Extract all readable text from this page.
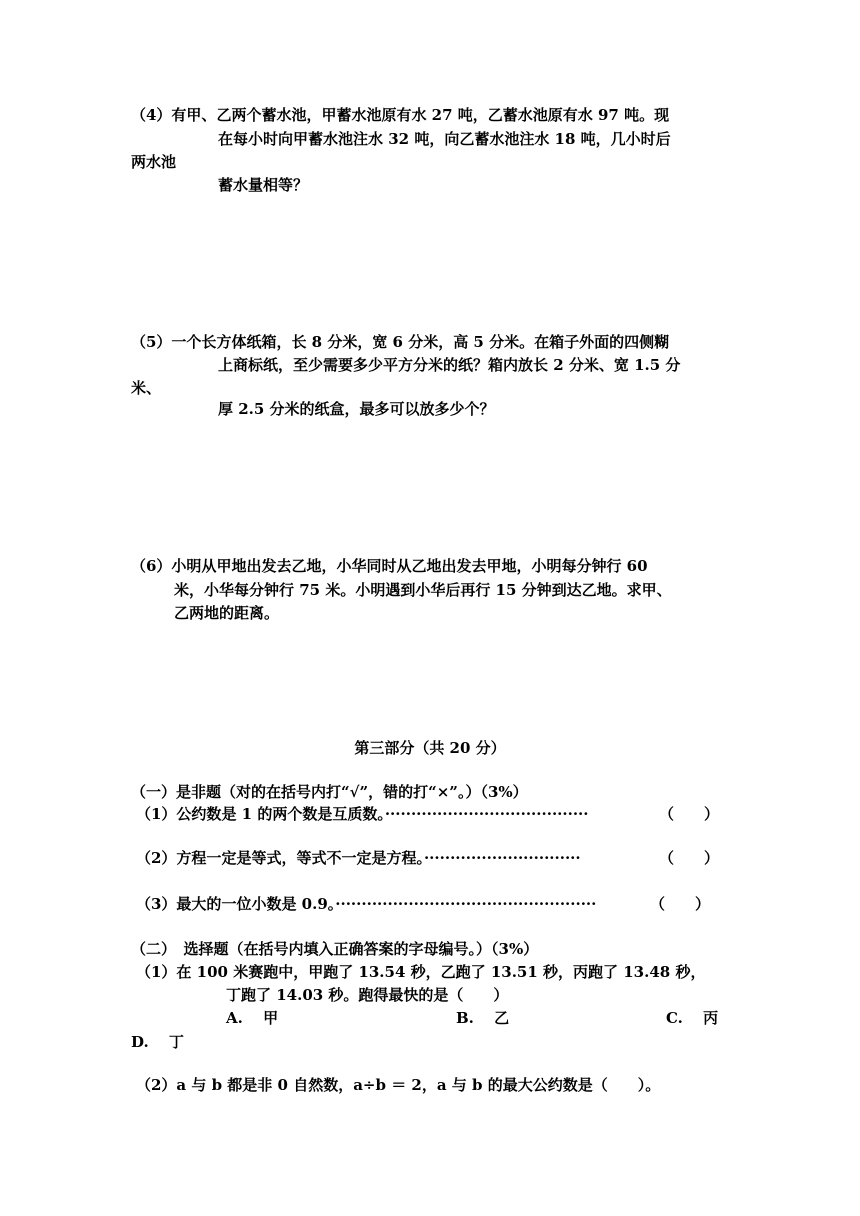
（4）有甲、乙两个蓄水池，甲蓄水池原有水 27 吨，乙蓄水池原有水 97 吨。现
在每小时向甲蓄水池注水 32 吨，向乙蓄水池注水 18 吨，几小时后
两水池
蓄水量相等？
（5）一个长方体纸箱，长 8 分米，宽 6 分米，高 5 分米。在箱子外面的四侧糊
上商标纸，至少需要多少平方分米的纸？箱内放长 2 分米、宽 1.5 分
米、
厚 2.5 分米的纸盒，最多可以放多少个？
（6）小明从甲地出发去乙地，小华同时从乙地出发去甲地，小明每分钟行 60
米，小华每分钟行 75 米。小明遇到小华后再行 15 分钟到达乙地。求甲、
乙两地的距离。
第三部分（共 20 分）
（一）是非题（对的在括号内打“√”，错的打“×”。）（3%）
（1）公约数是 1 的两个数是互质数。·······································	（　　）
（2）方程一定是等式，等式不一定是方程。······························	（　　）
（3）最大的一位小数是 0.9。··················································	（　　）
（二）　选择题（在括号内填入正确答案的字母编号。）（3%）
（1）在 100 米赛跑中，甲跑了 13.54 秒，乙跑了 13.51 秒，丙跑了 13.48 秒，
丁跑了 14.03 秒。跑得最快的是（　　）
A.　 甲	B.　 乙	C.　 丙
D.　 丁
（2）a 与 b 都是非 0 自然数，a÷b ＝ 2，a 与 b 的最大公约数是（　　）。
